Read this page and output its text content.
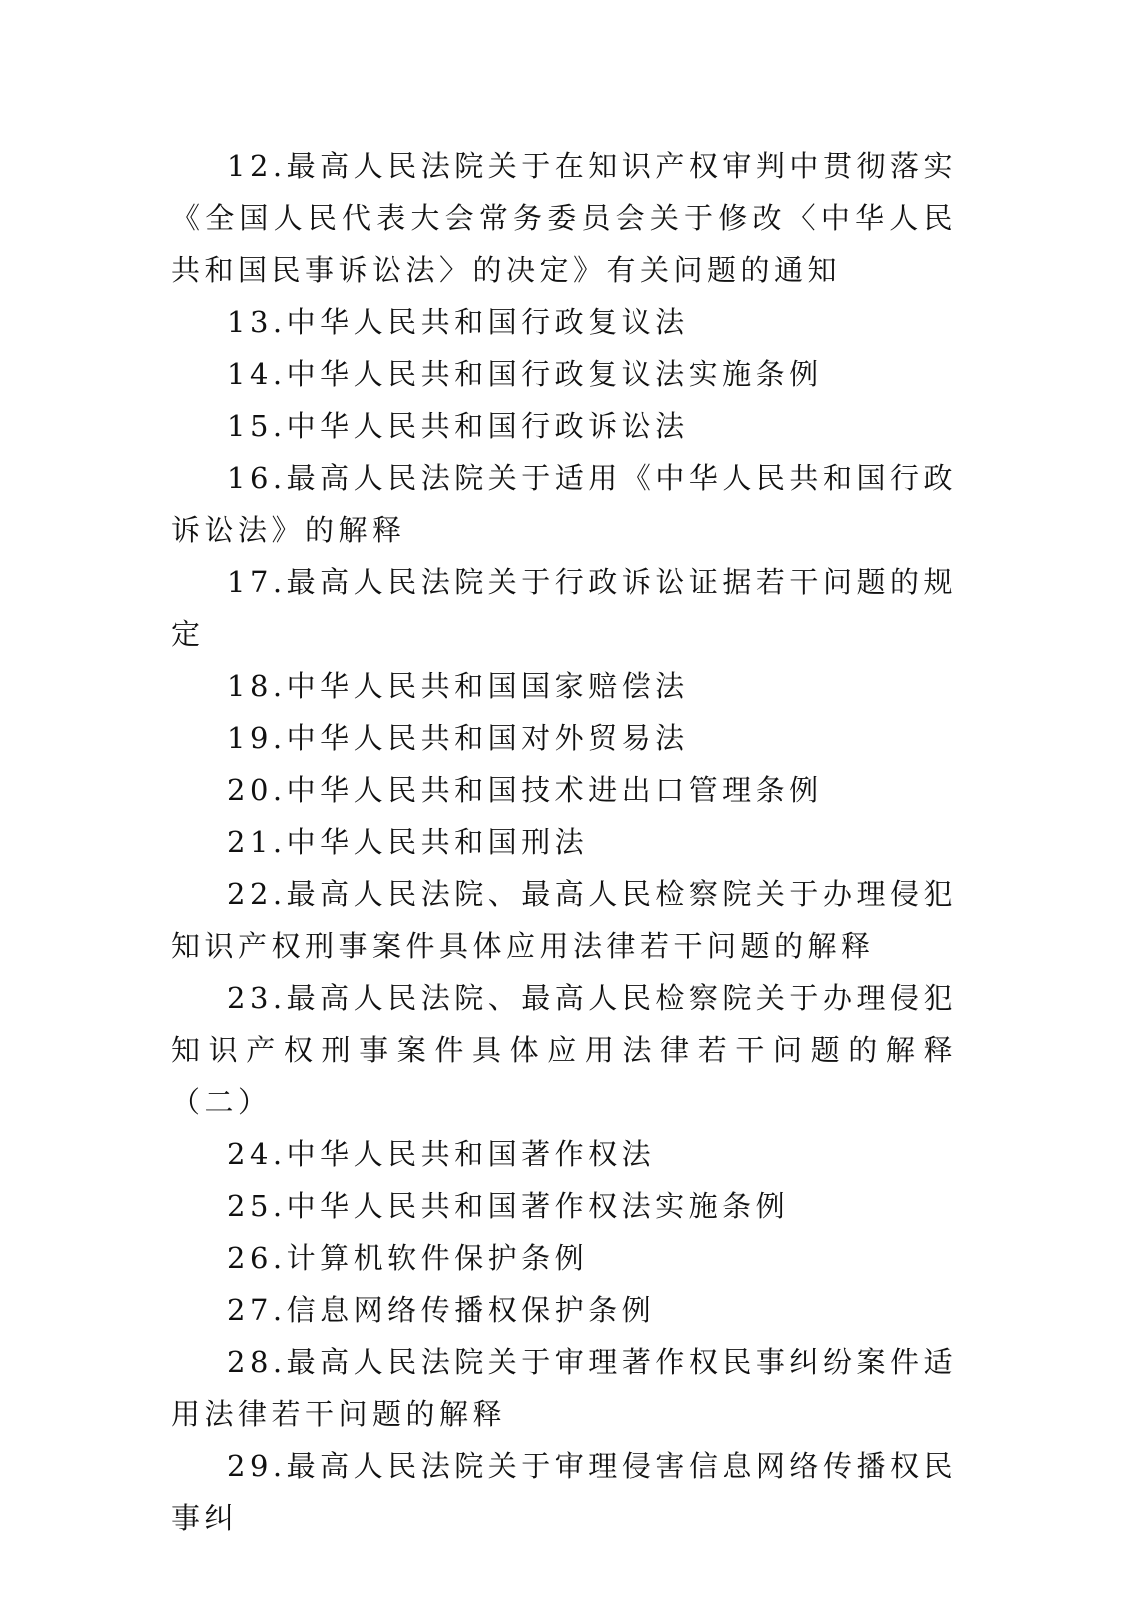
12.最高人民法院关于在知识产权审判中贯彻落实《全国人民代表大会常务委员会关于修改〈中华人民共和国民事诉讼法〉的决定》有关问题的通知
13.中华人民共和国行政复议法
14.中华人民共和国行政复议法实施条例
15.中华人民共和国行政诉讼法
16.最高人民法院关于适用《中华人民共和国行政诉讼法》的解释
17.最高人民法院关于行政诉讼证据若干问题的规定
18.中华人民共和国国家赔偿法
19.中华人民共和国对外贸易法
20.中华人民共和国技术进出口管理条例
21.中华人民共和国刑法
22.最高人民法院、最高人民检察院关于办理侵犯知识产权刑事案件具体应用法律若干问题的解释
23.最高人民法院、最高人民检察院关于办理侵犯知识产权刑事案件具体应用法律若干问题的解释（二）
24.中华人民共和国著作权法
25.中华人民共和国著作权法实施条例
26.计算机软件保护条例
27.信息网络传播权保护条例
28.最高人民法院关于审理著作权民事纠纷案件适用法律若干问题的解释
29.最高人民法院关于审理侵害信息网络传播权民事纠
